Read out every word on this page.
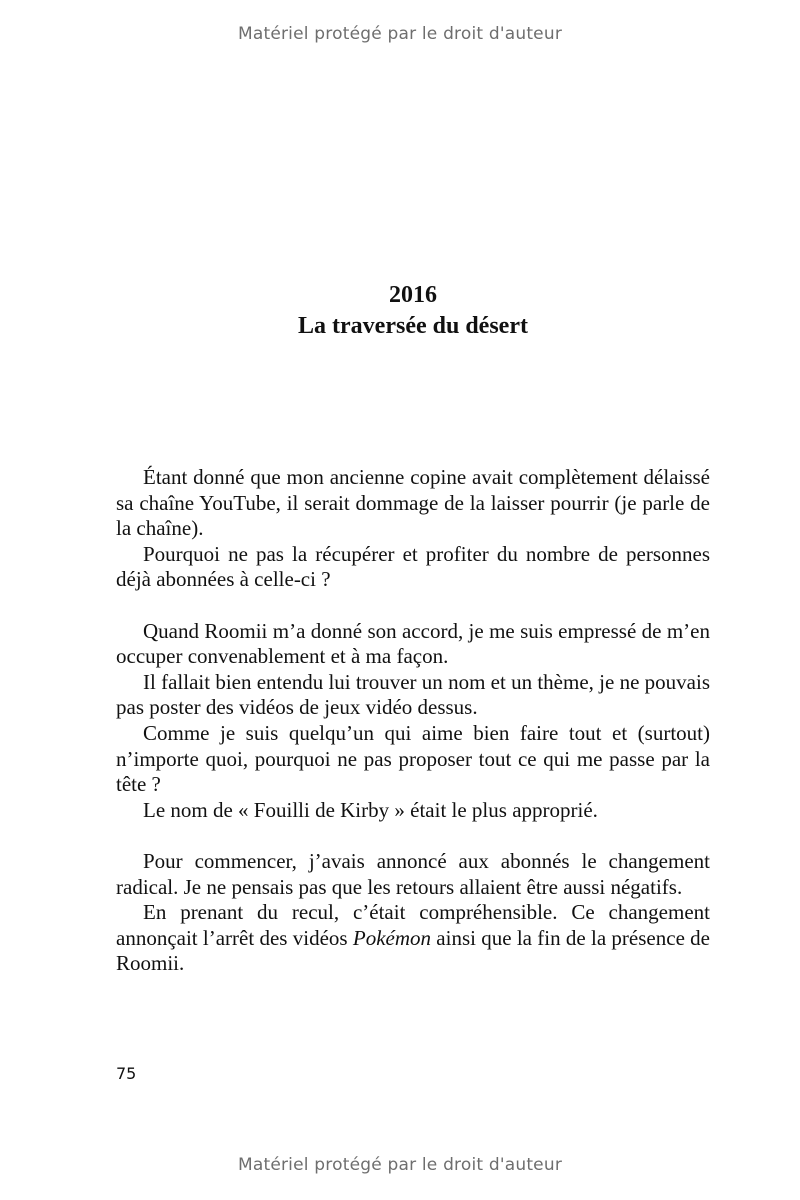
Matériel protégé par le droit d'auteur
2016
La traversée du désert

Étant donné que mon ancienne copine avait complètement délaissé sa chaîne YouTube, il serait dommage de la laisser pourrir (je parle de la chaîne).

Pourquoi ne pas la récupérer et profiter du nombre de personnes déjà abonnées à celle-ci ?

Quand Roomii m’a donné son accord, je me suis empressé de m’en occuper convenablement et à ma façon.

Il fallait bien entendu lui trouver un nom et un thème, je ne pouvais pas poster des vidéos de jeux vidéo dessus.

Comme je suis quelqu’un qui aime bien faire tout et (surtout) n’importe quoi, pourquoi ne pas proposer tout ce qui me passe par la tête ?

Le nom de « Fouilli de Kirby » était le plus approprié.

Pour commencer, j’avais annoncé aux abonnés le changement radical. Je ne pensais pas que les retours allaient être aussi négatifs.

En prenant du recul, c’était compréhensible. Ce changement annonçait l’arrêt des vidéos Pokémon ainsi que la fin de la présence de Roomii.

75
Matériel protégé par le droit d'auteur
